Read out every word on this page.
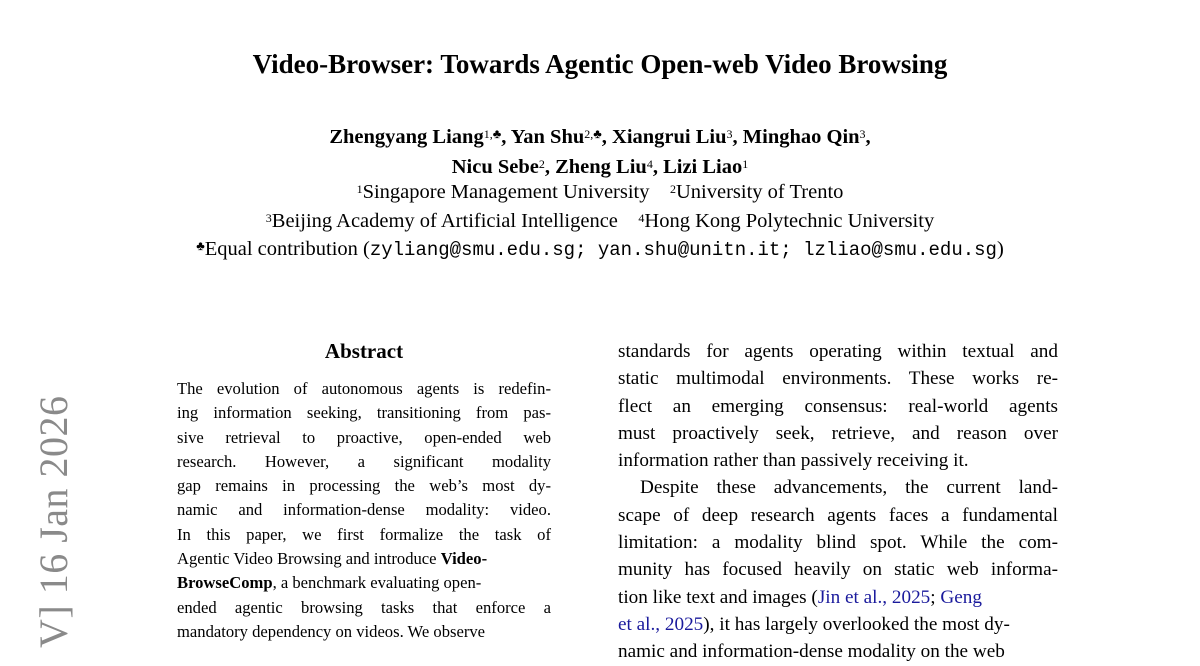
V] 16 Jan 2026
Video-Browser: Towards Agentic Open-web Video Browsing
Zhengyang Liang$^{1,♣}$, Yan Shu$^{2,♣}$, Xiangrui Liu$^3$, Minghao Qin$^3$,
Nicu Sebe$^2$, Zheng Liu$^4$, Lizi Liao$^1$
$^1$Singapore Management University $^2$University of Trento
$^3$Beijing Academy of Artificial Intelligence $^4$Hong Kong Polytechnic University
♣Equal contribution (zyliang@smu.edu.sg; yan.shu@unitn.it; lzliao@smu.edu.sg)
Abstract
The evolution of autonomous agents is redefin-
ing information seeking, transitioning from pas-
sive retrieval to proactive, open-ended web
research. However, a significant modality
gap remains in processing the web’s most dy-
namic and information-dense modality: video.
In this paper, we first formalize the task of
Agentic Video Browsing and introduce Video-
BrowseComp, a benchmark evaluating open-
ended agentic browsing tasks that enforce a
mandatory dependency on videos. We observe
standards for agents operating within textual and
static multimodal environments. These works re-
flect an emerging consensus: real-world agents
must proactively seek, retrieve, and reason over
information rather than passively receiving it.
Despite these advancements, the current land-
scape of deep research agents faces a fundamental
limitation: a modality blind spot. While the com-
munity has focused heavily on static web informa-
tion like text and images (Jin et al., 2025; Geng
et al., 2025), it has largely overlooked the most dy-
namic and information-dense modality on the web
